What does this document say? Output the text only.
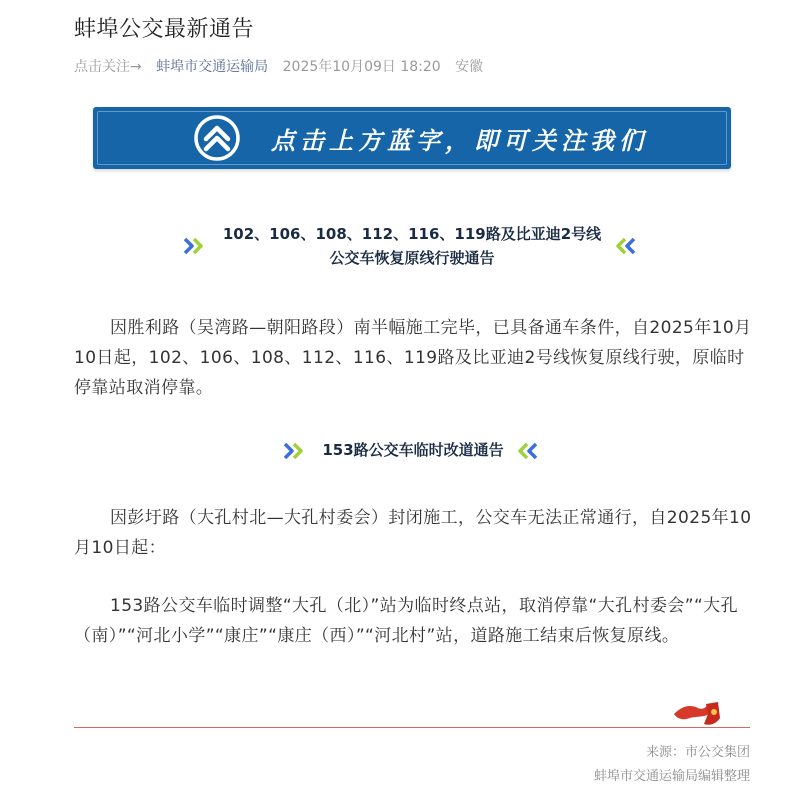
蚌埠公交最新通告
点击关注→ 蚌埠市交通运输局 2025年10月09日 18:20 安徽
点击上方蓝字，即可关注我们
102、106、108、112、116、119路及比亚迪2号线
公交车恢复原线行驶通告
因胜利路（吴湾路—朝阳路段）南半幅施工完毕，已具备通车条件，自2025年10月10日起，102、106、108、112、116、119路及比亚迪2号线恢复原线行驶，原临时停靠站取消停靠。
153路公交车临时改道通告
因彭圩路（大孔村北—大孔村委会）封闭施工，公交车无法正常通行，自2025年10月10日起：
153路公交车临时调整“大孔（北）”站为临时终点站，取消停靠“大孔村委会”“大孔（南）”“河北小学”“康庄”“康庄（西）”“河北村”站，道路施工结束后恢复原线。
来源：市公交集团
蚌埠市交通运输局编辑整理
